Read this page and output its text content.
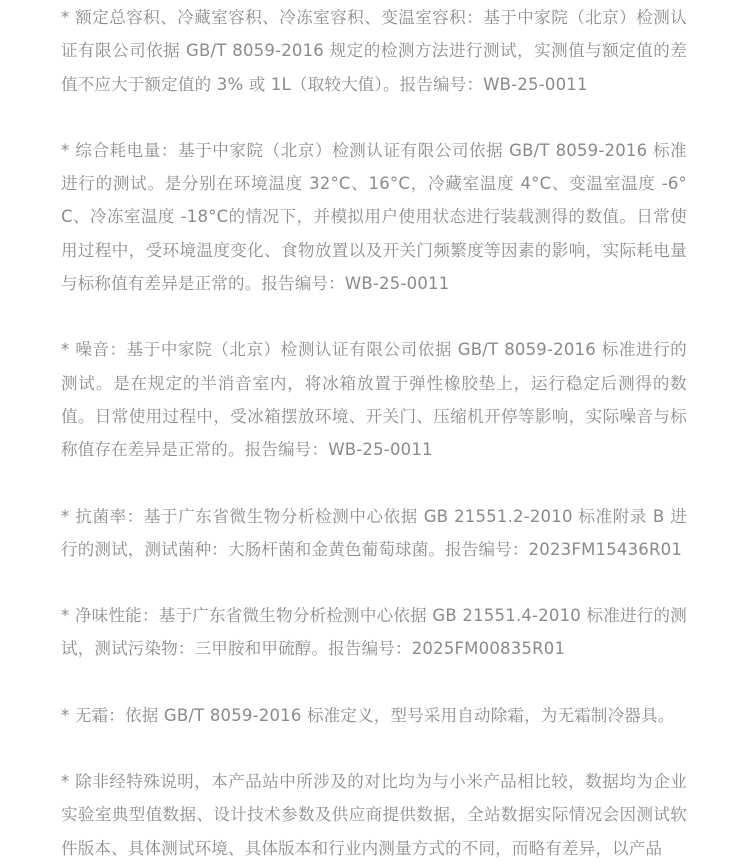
* 额定总容积、冷藏室容积、冷冻室容积、变温室容积：基于中家院（北京）检测认证有限公司依据 GB/T 8059-2016 规定的检测方法进行测试，实测值与额定值的差值不应大于额定值的 3% 或 1L（取较大值）。报告编号：WB-25-0011

* 综合耗电量：基于中家院（北京）检测认证有限公司依据 GB/T 8059-2016 标准进行的测试。是分别在环境温度 32°C、16°C，冷藏室温度 4°C、变温室温度 -6°C、冷冻室温度 -18°C的情况下，并模拟用户使用状态进行装载测得的数值。日常使用过程中，受环境温度变化、食物放置以及开关门频繁度等因素的影响，实际耗电量与标称值有差异是正常的。报告编号：WB-25-0011

* 噪音：基于中家院（北京）检测认证有限公司依据 GB/T 8059-2016 标准进行的测试。是在规定的半消音室内，将冰箱放置于弹性橡胶垫上，运行稳定后测得的数值。日常使用过程中，受冰箱摆放环境、开关门、压缩机开停等影响，实际噪音与标称值存在差异是正常的。报告编号：WB-25-0011

* 抗菌率：基于广东省微生物分析检测中心依据 GB 21551.2-2010 标准附录 B 进行的测试，测试菌种：大肠杆菌和金黄色葡萄球菌。报告编号：2023FM15436R01

* 净味性能：基于广东省微生物分析检测中心依据 GB 21551.4-2010 标准进行的测试，测试污染物：三甲胺和甲硫醇。报告编号：2025FM00835R01

* 无霜：依据 GB/T 8059-2016 标准定义，型号采用自动除霜，为无霜制冷器具。

* 除非经特殊说明，本产品站中所涉及的对比均为与小米产品相比较，数据均为企业实验室典型值数据、设计技术参数及供应商提供数据，全站数据实际情况会因测试软件版本、具体测试环境、具体版本和行业内测量方式的不同，而略有差异，以产品
